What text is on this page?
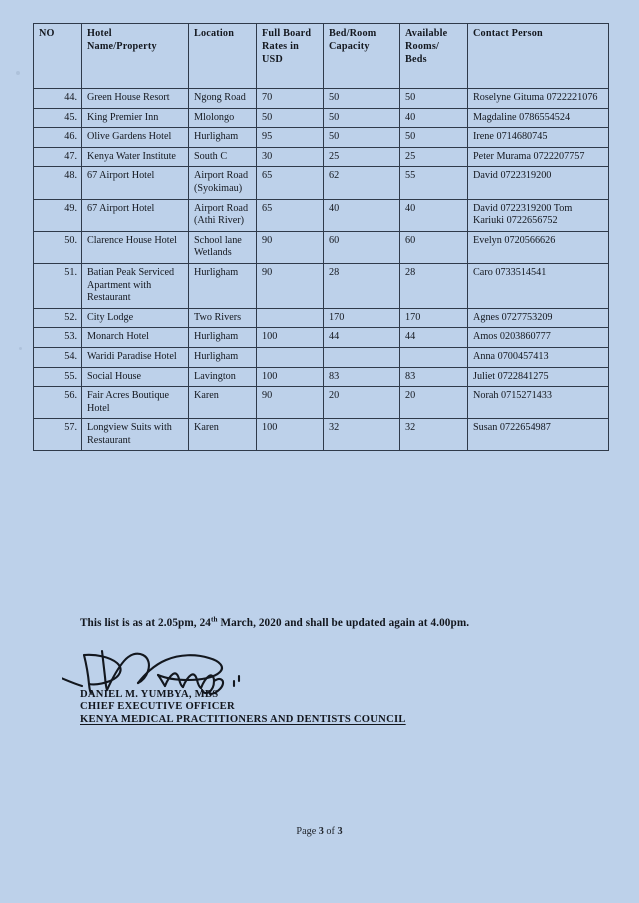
NO	Hotel Name/Property	Location	Full Board Rates in USD	Bed/Room Capacity	Available Rooms/ Beds	Contact Person
44.	Green House Resort	Ngong Road	70	50	50	Roselyne Gituma 0722221076
45.	King Premier Inn	Mlolongo	50	50	40	Magdaline 0786554524
46.	Olive Gardens Hotel	Hurligham	95	50	50	Irene 0714680745
47.	Kenya Water Institute	South C	30	25	25	Peter Murama 0722207757
48.	67 Airport Hotel	Airport Road (Syokimau)	65	62	55	David 0722319200
49.	67 Airport Hotel	Airport Road (Athi River)	65	40	40	David 0722319200 Tom Kariuki 0722656752
50.	Clarence House Hotel	School lane Wetlands	90	60	60	Evelyn 0720566626
51.	Batian Peak Serviced Apartment with Restaurant	Hurligham	90	28	28	Caro 0733514541
52.	City Lodge	Two Rivers		170	170	Agnes 0727753209
53.	Monarch Hotel	Hurligham	100	44	44	Amos 0203860777
54.	Waridi Paradise Hotel	Hurligham				Anna 0700457413
55.	Social House	Lavington	100	83	83	Juliet 0722841275
56.	Fair Acres Boutique Hotel	Karen	90	20	20	Norah 0715271433
57.	Longview Suits with Restaurant	Karen	100	32	32	Susan 0722654987
This list is as at 2.05pm, 24th March, 2020 and shall be updated again at 4.00pm.
DANIEL M. YUMBYA, MBS
CHIEF EXECUTIVE OFFICER
KENYA MEDICAL PRACTITIONERS AND DENTISTS COUNCIL
Page 3 of 3
